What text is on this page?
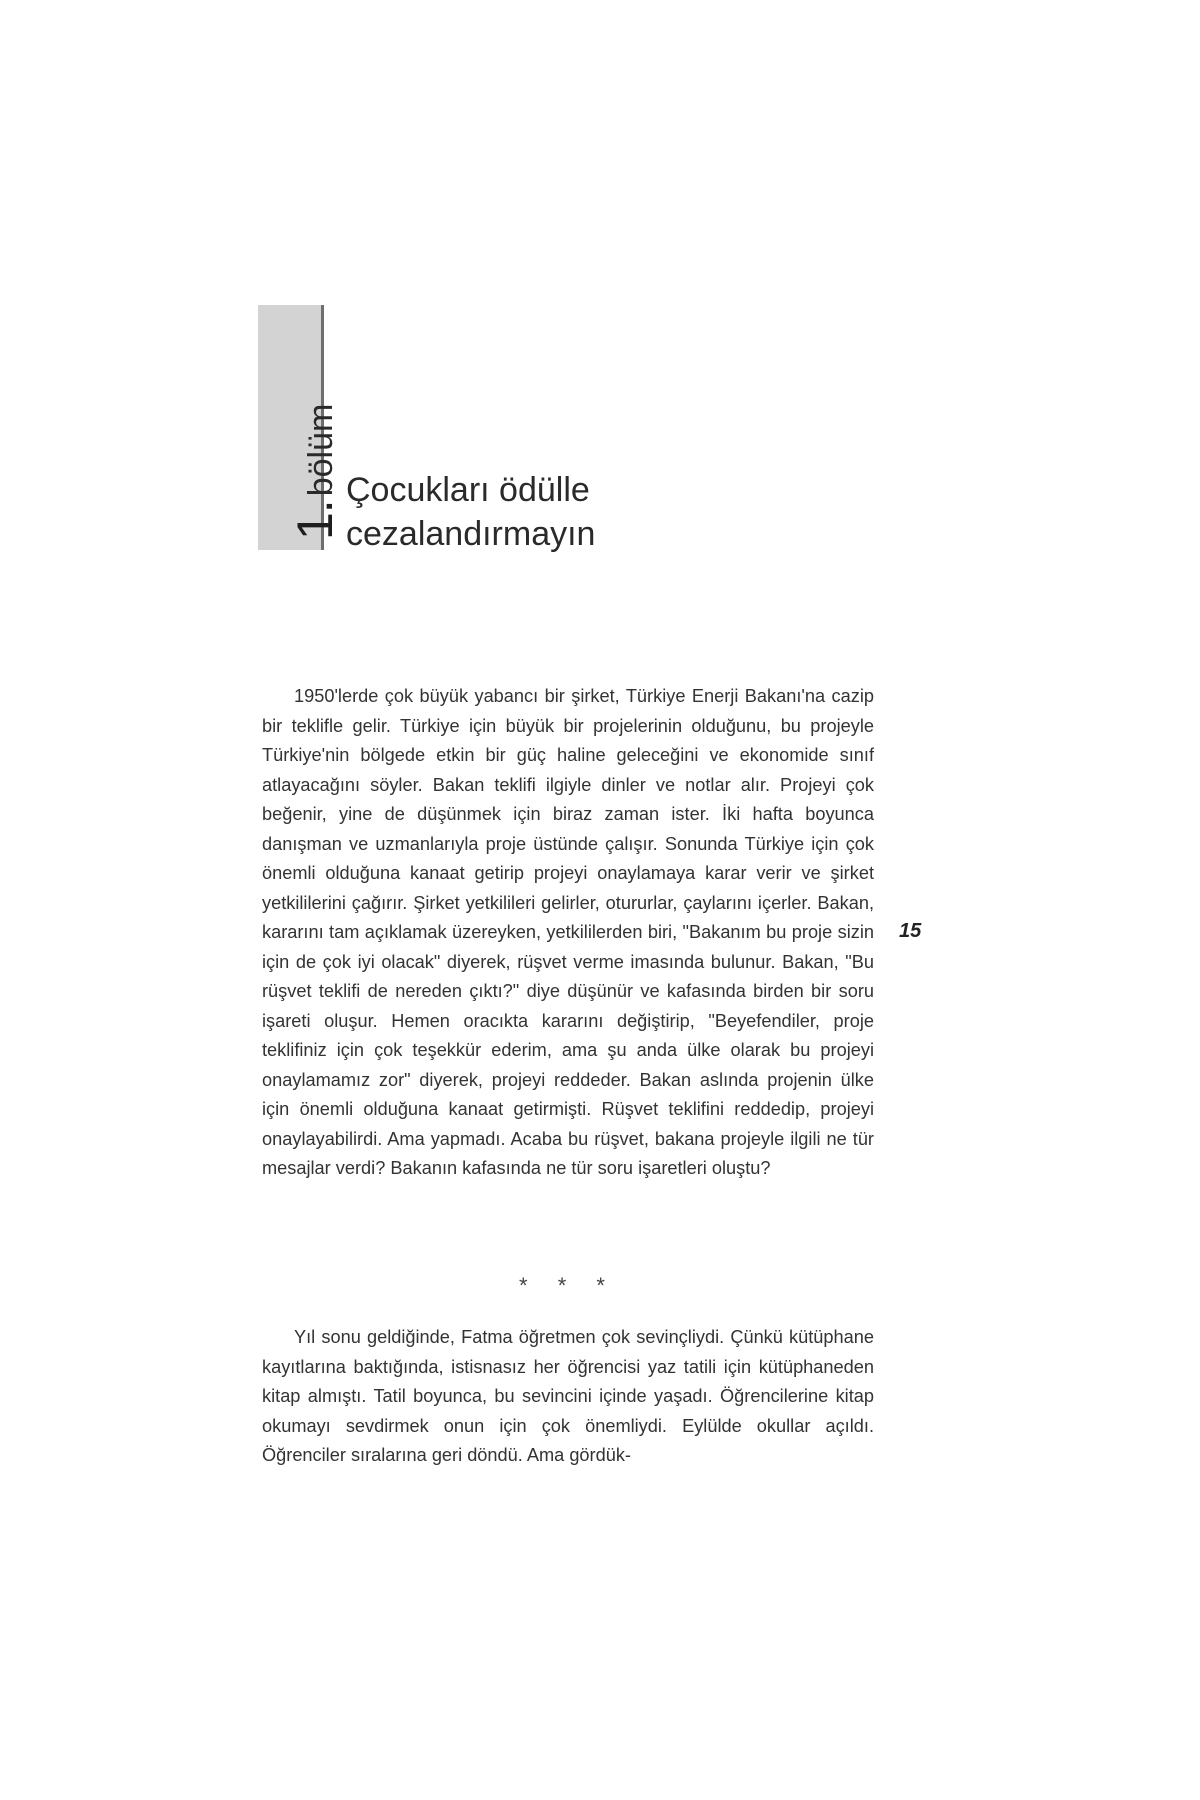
1.bölüm Çocukları ödülle
cezalandırmayın

1950'lerde çok büyük yabancı bir şirket, Türkiye Enerji Bakanı'na cazip bir teklifle gelir. Türkiye için büyük bir projelerinin olduğunu, bu projeyle Türkiye'nin bölgede etkin bir güç haline geleceğini ve ekonomide sınıf atlayacağını söyler. Bakan teklifi ilgiyle dinler ve notlar alır. Projeyi çok beğenir, yine de düşünmek için biraz zaman ister. İki hafta boyunca danışman ve uzmanlarıyla proje üstünde çalışır. Sonunda Türkiye için çok önemli olduğuna kanaat getirip projeyi onaylamaya karar verir ve şirket yetkililerini çağırır. Şirket yetkilileri gelirler, otururlar, çaylarını içerler. Bakan, kararını tam açıklamak üzereyken, yetkililerden biri, "Bakanım bu proje sizin için de çok iyi olacak" diyerek, rüşvet verme imasında bulunur. Bakan, "Bu rüşvet teklifi de nereden çıktı?" diye düşünür ve kafasında birden bir soru işareti oluşur. Hemen oracıkta kararını değiştirip, "Beyefendiler, proje teklifiniz için çok teşekkür ederim, ama şu anda ülke olarak bu projeyi onaylamamız zor" diyerek, projeyi reddeder. Bakan aslında projenin ülke için önemli olduğuna kanaat getirmişti. Rüşvet teklifini reddedip, projeyi onaylayabilirdi. Ama yapmadı. Acaba bu rüşvet, bakana projeyle ilgili ne tür mesajlar verdi? Bakanın kafasında ne tür soru işaretleri oluştu?

* * *

Yıl sonu geldiğinde, Fatma öğretmen çok sevinçliydi. Çünkü kütüphane kayıtlarına baktığında, istisnasız her öğrencisi yaz tatili için kütüphaneden kitap almıştı. Tatil boyunca, bu sevincini içinde yaşadı. Öğrencilerine kitap okumayı sevdirmek onun için çok önemliydi. Eylülde okullar açıldı. Öğrenciler sıralarına geri döndü. Ama gördük-

15
